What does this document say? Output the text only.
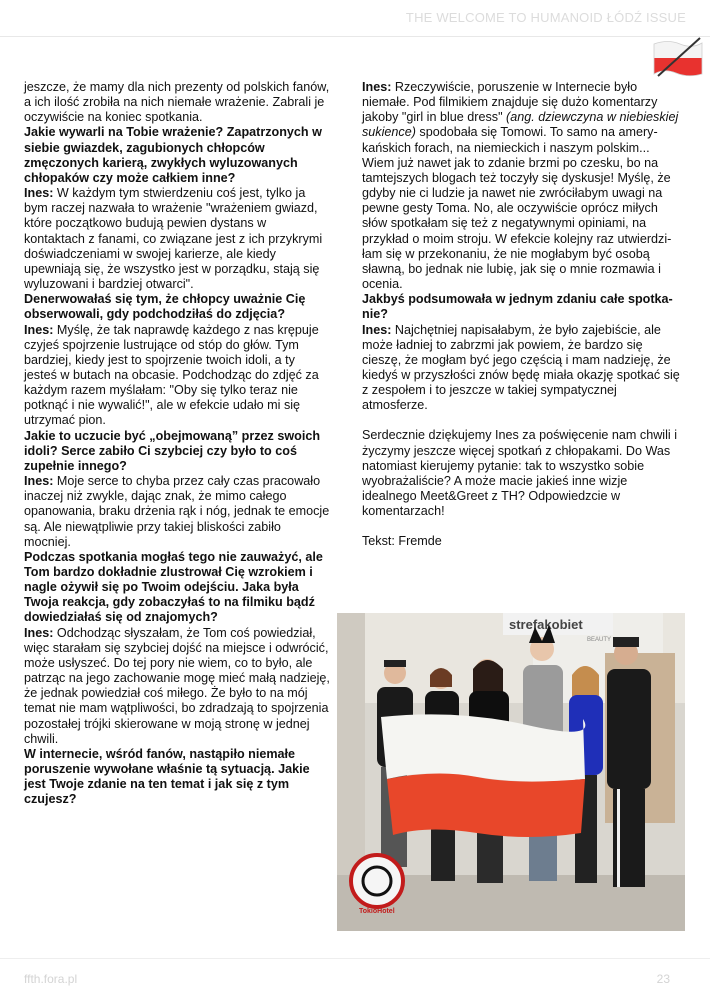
THE WELCOME TO HUMANOID ŁÓDŹ ISSUE

jeszcze, że mamy dla nich prezenty od polskich fanów, a ich ilość zrobiła na nich niemałe wrażenie. Zabrali je oczywiście na koniec spotkania.

Jakie wywarli na Tobie wrażenie? Zapatrzonych w siebie gwiazdek, zagubionych chłopców zmęczonych karierą, zwykłych wyluzowanych chłopaków czy może całkiem inne?

Ines: W każdym tym stwierdzeniu coś jest, tylko ja bym raczej nazwała to wrażenie "wrażeniem gwiazd, które początkowo budują pewien dystans w kontaktach z fanami, co związane jest z ich przykrymi doświadczeniami w swojej karierze, ale kiedy upewniają się, że wszystko jest w porządku, stają się wyluzowani i bardziej otwarci".

Denerwowałaś się tym, że chłopcy uważnie Cię obserwowali, gdy podchodziłaś do zdjęcia?

Ines: Myślę, że tak naprawdę każdego z nas krępuje czyjeś spojrzenie lustrujące od stóp do głów. Tym bardziej, kiedy jest to spojrzenie twoich idoli, a ty jesteś w butach na obcasie. Podchodząc do zdjęć za każdym razem myślałam: "Oby się tylko teraz nie potknąć i nie wywalić!", ale w efekcie udało mi się utrzymać pion.

Jakie to uczucie być „obejmowaną” przez swoich idoli? Serce zabiło Ci szybciej czy było to coś zupełnie innego?

Ines: Moje serce to chyba przez cały czas pracowało inaczej niż zwykle, dając znak, że mimo całego opanowania, braku drżenia rąk i nóg, jednak te emocje są. Ale niewątpliwie przy takiej bliskości zabiło mocniej.

Podczas spotkania mogłaś tego nie zauważyć, ale Tom bardzo dokładnie zlustrował Cię wzrokiem i nagle ożywił się po Twoim odejściu. Jaka była Twoja reakcja, gdy zobaczyłaś to na filmiku bądź dowiedziałaś się od znajomych?

Ines: Odchodząc słyszałam, że Tom coś powiedział, więc starałam się szybciej dojść na miejsce i odwrócić, może usłyszeć. Do tej pory nie wiem, co to było, ale patrząc na jego zachowanie mogę mieć małą nadzieję, że jednak powiedział coś miłego. Że było to na mój temat nie mam wątpliwości, bo zdradzają to spojrzenia pozostałej trójki skierowane w moją stronę w jednej chwili.

W internecie, wśród fanów, nastąpiło niemałe poruszenie wywołane właśnie tą sytuacją. Jakie jest Twoje zdanie na ten temat i jak się z tym czujesz?

Ines: Rzeczywiście, poruszenie w Internecie było niemałe. Pod filmikiem znajduje się dużo komentarzy jakoby "girl in blue dress" (ang. dziewczyna w niebieskiej sukience) spodobała się Tomowi. To samo na amery- kańskich forach, na niemieckich i naszym polskim... Wiem już nawet jak to zdanie brzmi po czesku, bo na tamtejszych blogach też toczyły się dyskusje! Myślę, że gdyby nie ci ludzie ja nawet nie zwróciłabym uwagi na pewne gesty Toma. No, ale oczywiście oprócz miłych słów spotkałam się też z negatywnymi opiniami, na przykład o moim stroju. W efekcie kolejny raz utwierdzi- łam się w przekonaniu, że nie mogłabym być osobą sławną, bo jednak nie lubię, jak się o mnie rozmawia i ocenia.

Jakbyś podsumowała w jednym zdaniu całe spotka- nie?

Ines: Najchętniej napisałabym, że było zajebiście, ale może ładniej to zabrzmi jak powiem, że bardzo się cieszę, że mogłam być jego częścią i mam nadzieję, że kiedyś w przyszłości znów będę miała okazję spotkać się z zespołem i to jeszcze w takiej sympatycznej atmosferze.

Serdecznie dziękujemy Ines za poświęcenie nam chwili i życzymy jeszcze więcej spotkań z chłopakami. Do Was natomiast kierujemy pytanie: tak to wszystko sobie wyobrażaliście? A może macie jakieś inne wizje idealnego Meet&Greet z TH? Odpowiedzcie w komentarzach!

Tekst: Fremde

strefakobiet
BEAUTY
TokioHotel
ffth.fora.pl	23
